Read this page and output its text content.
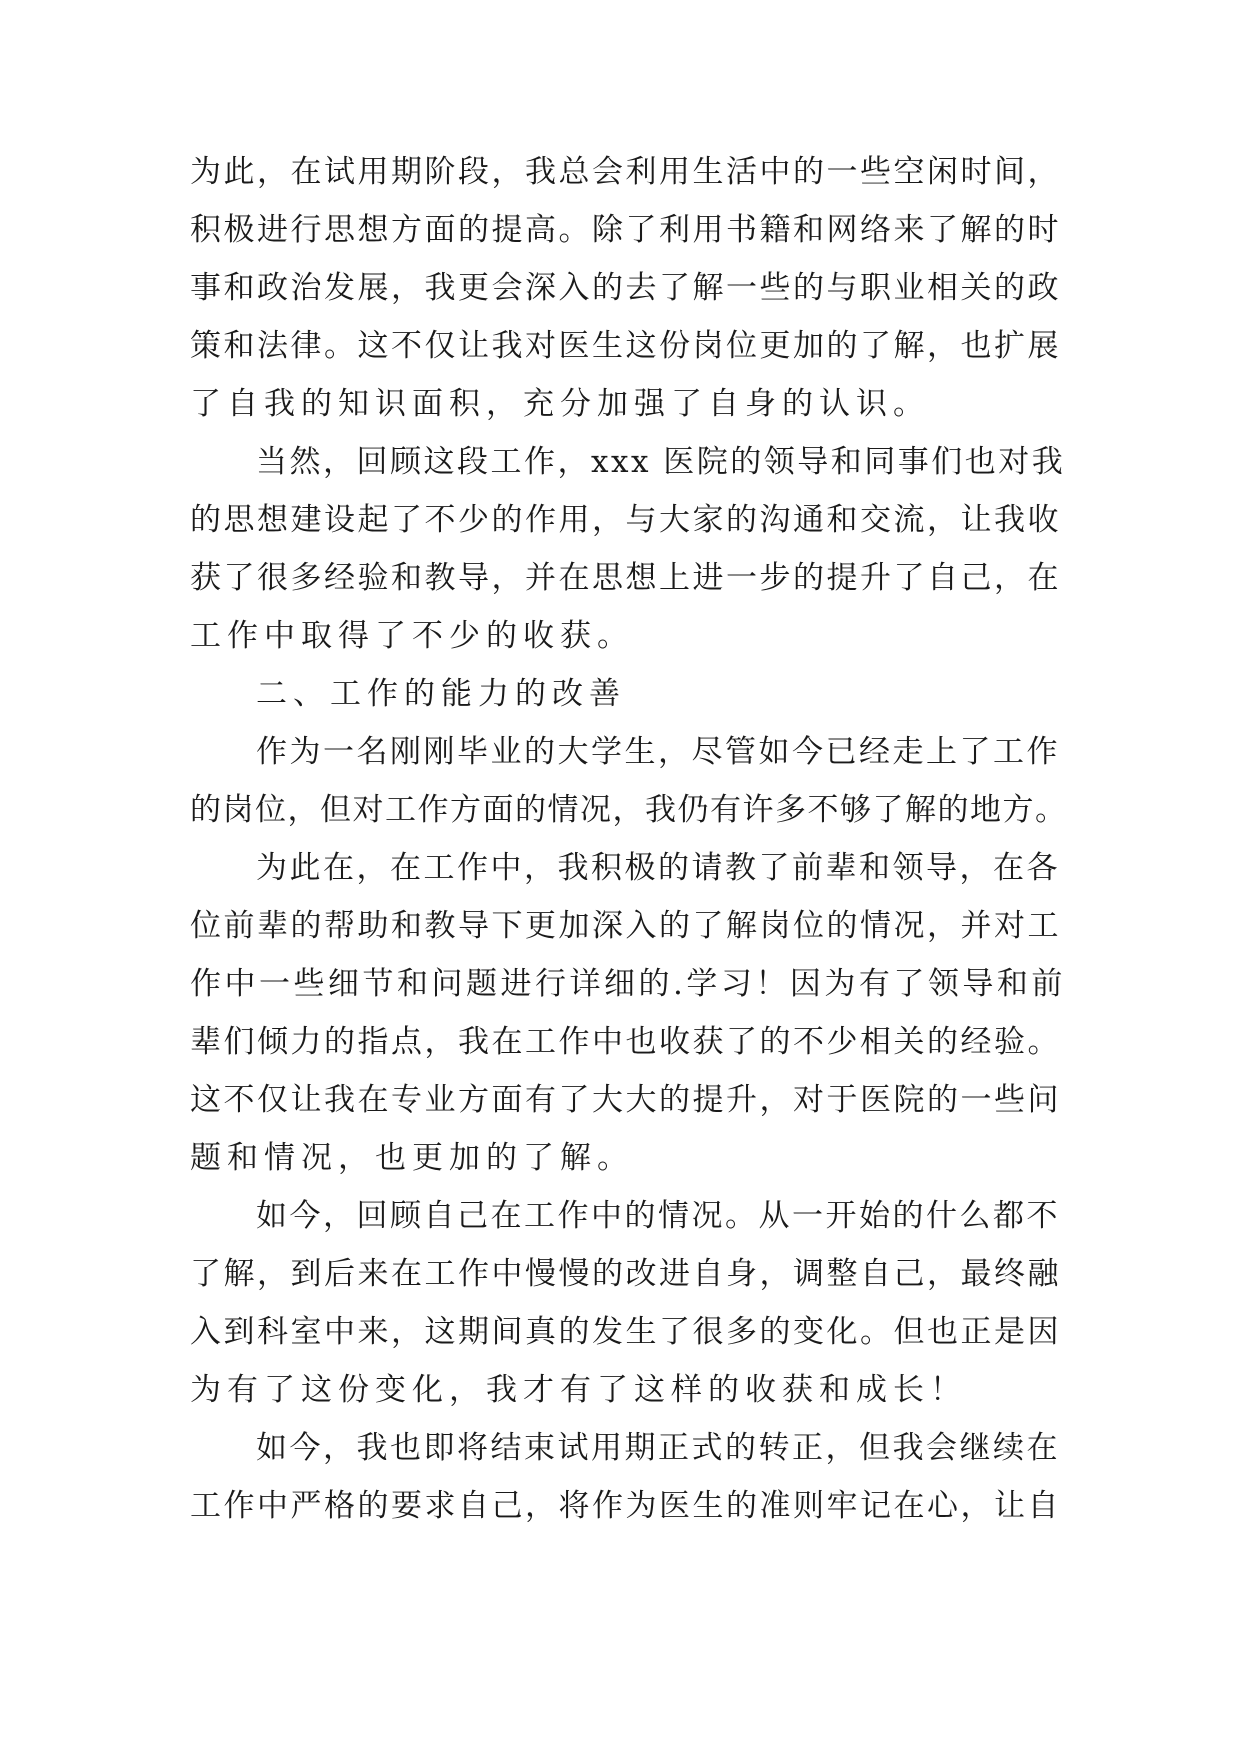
为此，在试用期阶段，我总会利用生活中的一些空闲时间，
积极进行思想方面的提高。除了利用书籍和网络来了解的时
事和政治发展，我更会深入的去了解一些的与职业相关的政
策和法律。这不仅让我对医生这份岗位更加的了解，也扩展
了自我的知识面积，充分加强了自身的认识。
当然，回顾这段工作，xxx 医院的领导和同事们也对我
的思想建设起了不少的作用，与大家的沟通和交流，让我收
获了很多经验和教导，并在思想上进一步的提升了自己，在
工作中取得了不少的收获。
二、工作的能力的改善
作为一名刚刚毕业的大学生，尽管如今已经走上了工作
的岗位，但对工作方面的情况，我仍有许多不够了解的地方。
为此在，在工作中，我积极的请教了前辈和领导，在各
位前辈的帮助和教导下更加深入的了解岗位的情况，并对工
作中一些细节和问题进行详细的.学习！因为有了领导和前
辈们倾力的指点，我在工作中也收获了的不少相关的经验。
这不仅让我在专业方面有了大大的提升，对于医院的一些问
题和情况，也更加的了解。
如今，回顾自己在工作中的情况。从一开始的什么都不
了解，到后来在工作中慢慢的改进自身，调整自己，最终融
入到科室中来，这期间真的发生了很多的变化。但也正是因
为有了这份变化，我才有了这样的收获和成长！
如今，我也即将结束试用期正式的转正，但我会继续在
工作中严格的要求自己，将作为医生的准则牢记在心，让自
